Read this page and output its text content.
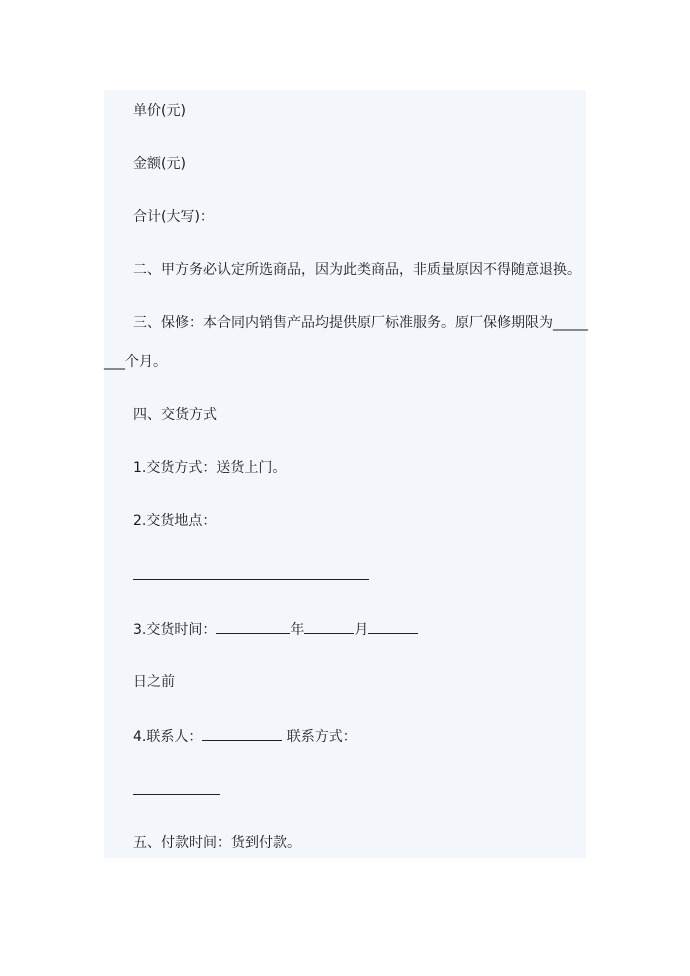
单价(元)
金额(元)
合计(大写)：
二、甲方务必认定所选商品，因为此类商品，非质量原因不得随意退换。
三、保修：本合同内销售产品均提供原厂标准服务。原厂保修期限为_____
___个月。
四、交货方式
1.交货方式：送货上门。
2.交货地点：
3.交货时间：	年	月
日之前
4.联系人：	联系方式：
五、付款时间：货到付款。
